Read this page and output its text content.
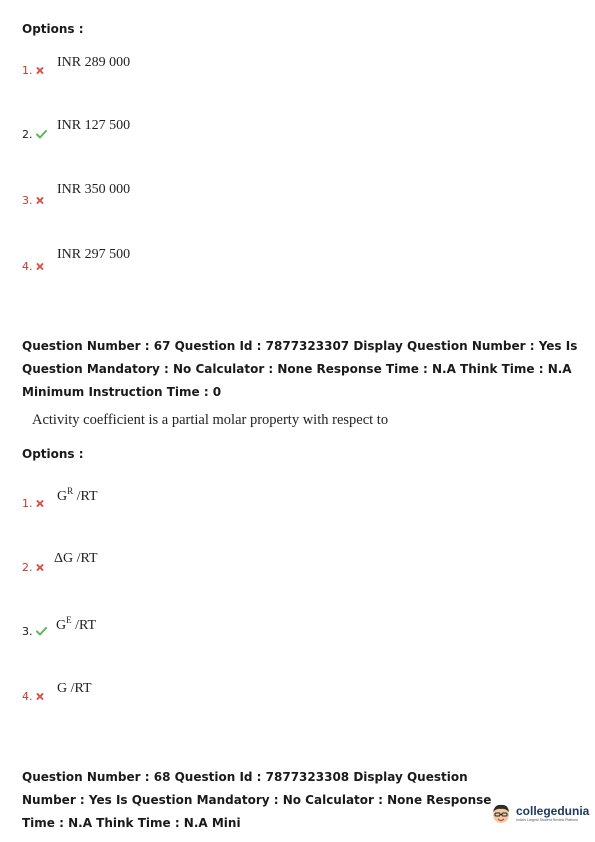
Options :
1.
INR 289 000
2.
INR 127 500
3.
INR 350 000
4.
INR 297 500
Question Number : 67 Question Id : 7877323307 Display Question Number : Yes Is Question Mandatory : No Calculator : None Response Time : N.A Think Time : N.A Minimum Instruction Time : 0
Activity coefficient is a partial molar property with respect to
Options :
1. $G^R$ /RT
2.
ΔG /RT
3. $G^E$ /RT
4.
G /RT
Question Number : 68 Question Id : 7877323308 Display Question Number : Yes Is Question Mandatory : No Calculator : None Response Time : N.A Think Time : N.A Mini
collegedunia
India's Largest Student Review Platform
